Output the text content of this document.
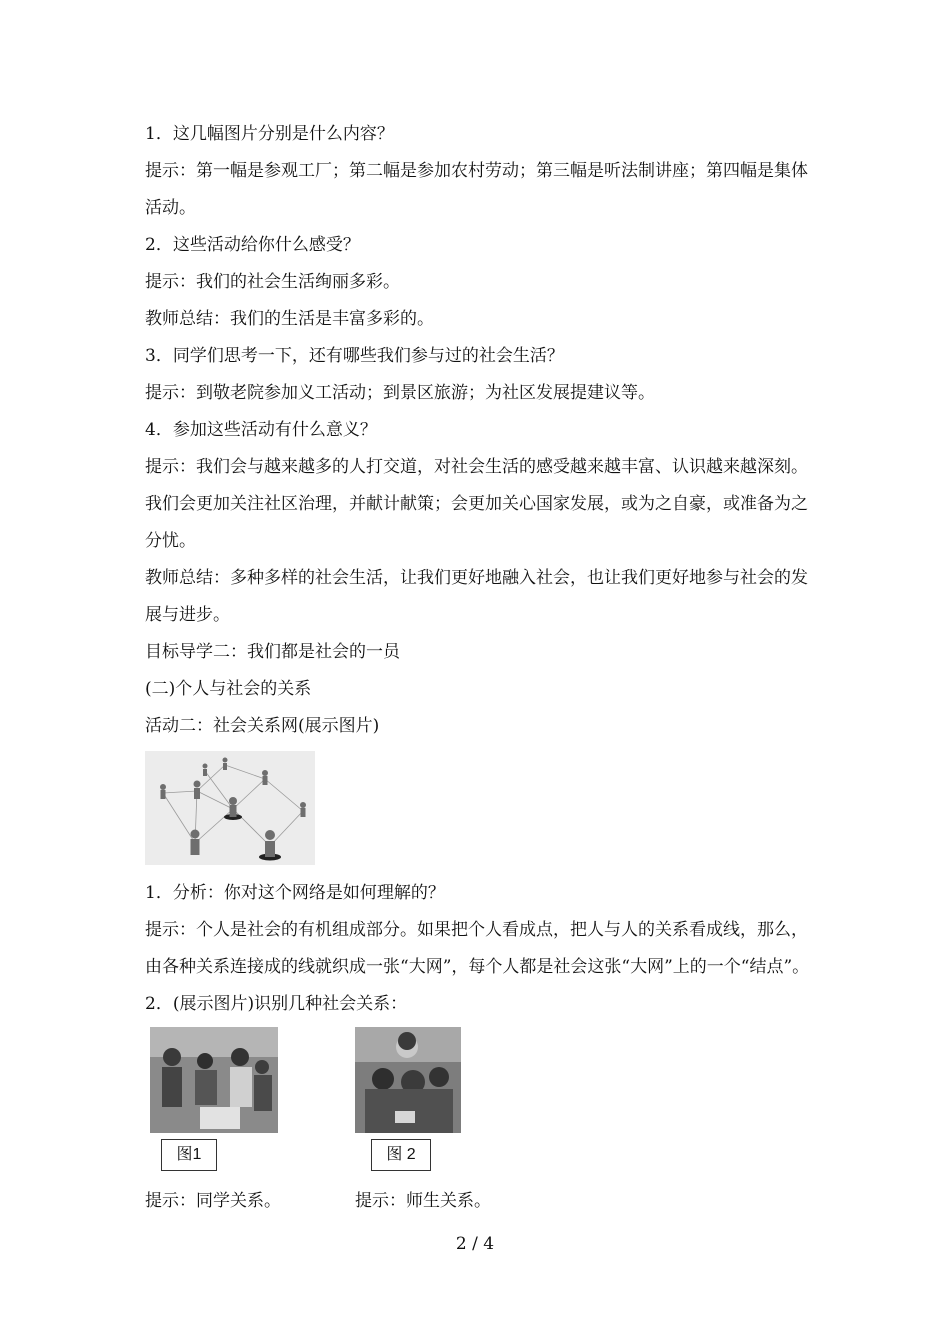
1．这几幅图片分别是什么内容？

提示：第一幅是参观工厂；第二幅是参加农村劳动；第三幅是听法制讲座；第四幅是集体活动。

2．这些活动给你什么感受？

提示：我们的社会生活绚丽多彩。

教师总结：我们的生活是丰富多彩的。

3．同学们思考一下，还有哪些我们参与过的社会生活？

提示：到敬老院参加义工活动；到景区旅游；为社区发展提建议等。

4．参加这些活动有什么意义？

提示：我们会与越来越多的人打交道，对社会生活的感受越来越丰富、认识越来越深刻。我们会更加关注社区治理，并献计献策；会更加关心国家发展，或为之自豪，或准备为之分忧。

教师总结：多种多样的社会生活，让我们更好地融入社会，也让我们更好地参与社会的发展与进步。

目标导学二：我们都是社会的一员

(二)个人与社会的关系

活动二：社会关系网(展示图片)

1．分析：你对这个网络是如何理解的？

提示：个人是社会的有机组成部分。如果把个人看成点，把人与人的关系看成线，那么，由各种关系连接成的线就织成一张“大网”，每个人都是社会这张“大网”上的一个“结点”。

2．(展示图片)识别几种社会关系：

图1	图 2
提示：同学关系。	提示：师生关系。
2 / 4
